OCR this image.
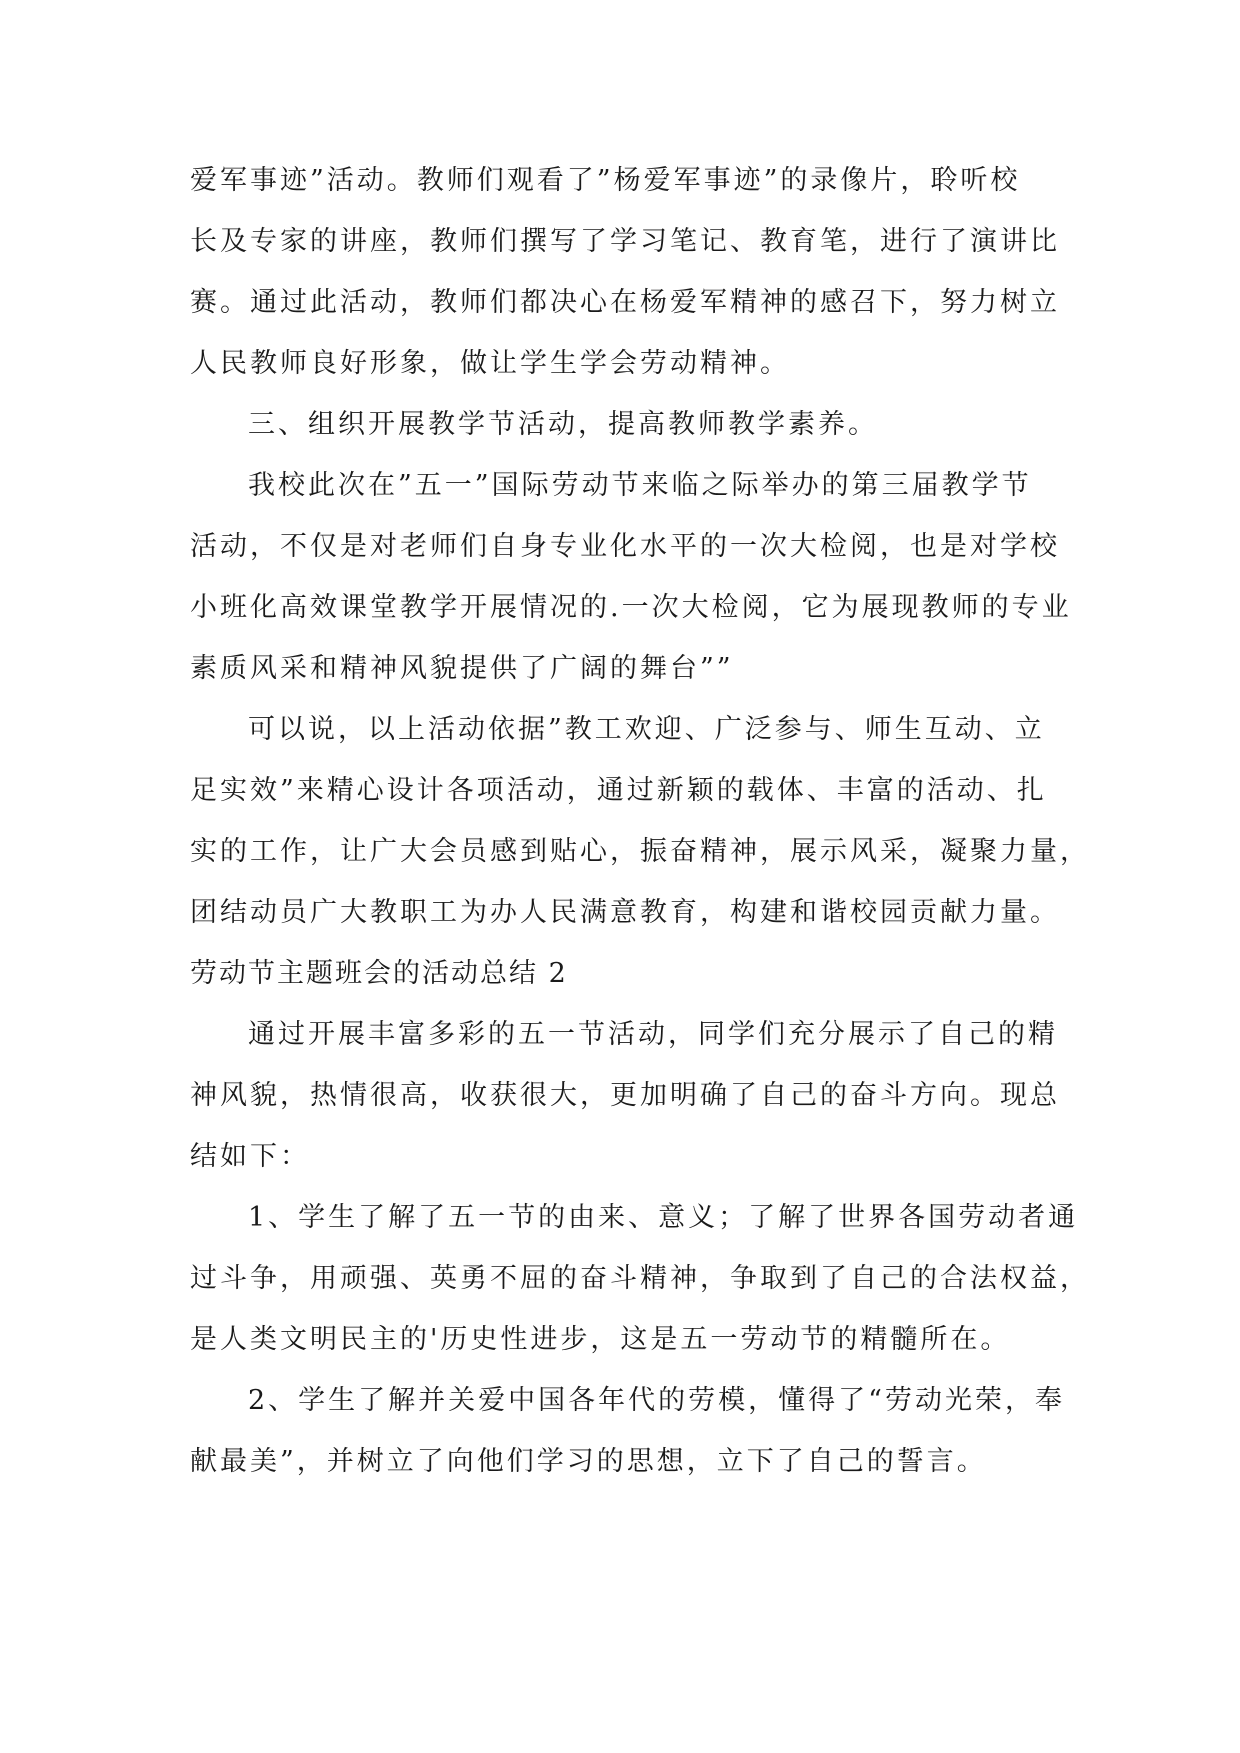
爱军事迹”活动。教师们观看了”杨爱军事迹”的录像片，聆听校
长及专家的讲座，教师们撰写了学习笔记、教育笔，进行了演讲比
赛。通过此活动，教师们都决心在杨爱军精神的感召下，努力树立
人民教师良好形象，做让学生学会劳动精神。
三、组织开展教学节活动，提高教师教学素养。
我校此次在”五一”国际劳动节来临之际举办的第三届教学节
活动，不仅是对老师们自身专业化水平的一次大检阅，也是对学校
小班化高效课堂教学开展情况的.一次大检阅，它为展现教师的专业
素质风采和精神风貌提供了广阔的舞台””
可以说，以上活动依据”教工欢迎、广泛参与、师生互动、立
足实效”来精心设计各项活动，通过新颖的载体、丰富的活动、扎
实的工作，让广大会员感到贴心，振奋精神，展示风采，凝聚力量，
团结动员广大教职工为办人民满意教育，构建和谐校园贡献力量。
劳动节主题班会的活动总结 2
通过开展丰富多彩的五一节活动，同学们充分展示了自己的精
神风貌，热情很高，收获很大，更加明确了自己的奋斗方向。现总
结如下：
1、学生了解了五一节的由来、意义；了解了世界各国劳动者通
过斗争，用顽强、英勇不屈的奋斗精神，争取到了自己的合法权益，
是人类文明民主的'历史性进步，这是五一劳动节的精髓所在。
2、学生了解并关爱中国各年代的劳模，懂得了“劳动光荣，奉
献最美”，并树立了向他们学习的思想，立下了自己的誓言。
